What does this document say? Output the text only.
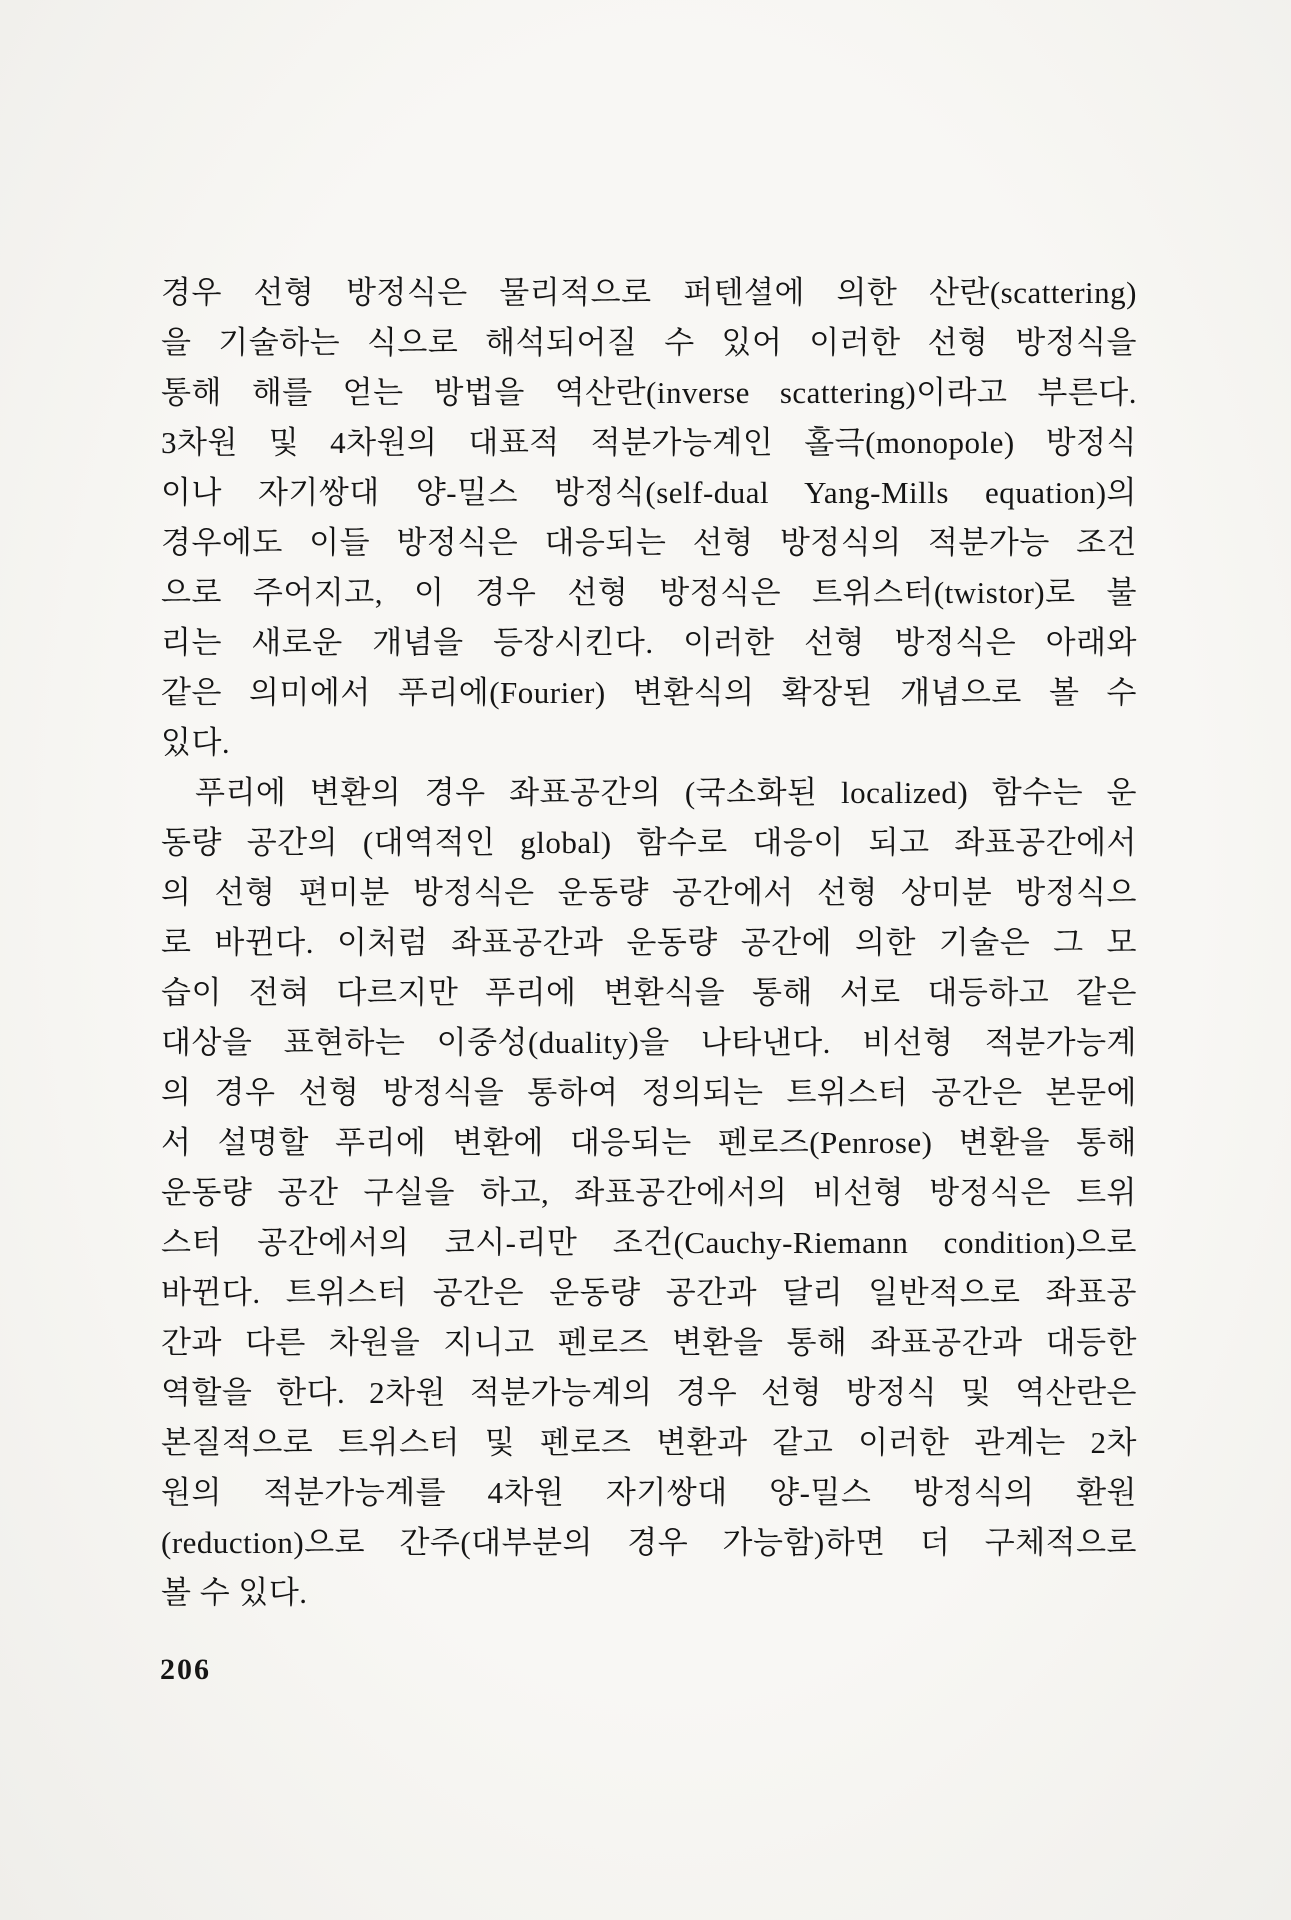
경우 선형 방정식은 물리적으로 퍼텐셜에 의한 산란(scattering)
을 기술하는 식으로 해석되어질 수 있어 이러한 선형 방정식을
통해 해를 얻는 방법을 역산란(inverse scattering)이라고 부른다.
3차원 및 4차원의 대표적 적분가능계인 홀극(monopole) 방정식
이나 자기쌍대 양-밀스 방정식(self-dual Yang-Mills equation)의
경우에도 이들 방정식은 대응되는 선형 방정식의 적분가능 조건
으로 주어지고, 이 경우 선형 방정식은 트위스터(twistor)로 불
리는 새로운 개념을 등장시킨다. 이러한 선형 방정식은 아래와
같은 의미에서 푸리에(Fourier) 변환식의 확장된 개념으로 볼 수
있다.
푸리에 변환의 경우 좌표공간의 (국소화된 localized) 함수는 운
동량 공간의 (대역적인 global) 함수로 대응이 되고 좌표공간에서
의 선형 편미분 방정식은 운동량 공간에서 선형 상미분 방정식으
로 바뀐다. 이처럼 좌표공간과 운동량 공간에 의한 기술은 그 모
습이 전혀 다르지만 푸리에 변환식을 통해 서로 대등하고 같은
대상을 표현하는 이중성(duality)을 나타낸다. 비선형 적분가능계
의 경우 선형 방정식을 통하여 정의되는 트위스터 공간은 본문에
서 설명할 푸리에 변환에 대응되는 펜로즈(Penrose) 변환을 통해
운동량 공간 구실을 하고, 좌표공간에서의 비선형 방정식은 트위
스터 공간에서의 코시-리만 조건(Cauchy-Riemann condition)으로
바뀐다. 트위스터 공간은 운동량 공간과 달리 일반적으로 좌표공
간과 다른 차원을 지니고 펜로즈 변환을 통해 좌표공간과 대등한
역할을 한다. 2차원 적분가능계의 경우 선형 방정식 및 역산란은
본질적으로 트위스터 및 펜로즈 변환과 같고 이러한 관계는 2차
원의 적분가능계를 4차원 자기쌍대 양-밀스 방정식의 환원
(reduction)으로 간주(대부분의 경우 가능함)하면 더 구체적으로
볼 수 있다.
206
